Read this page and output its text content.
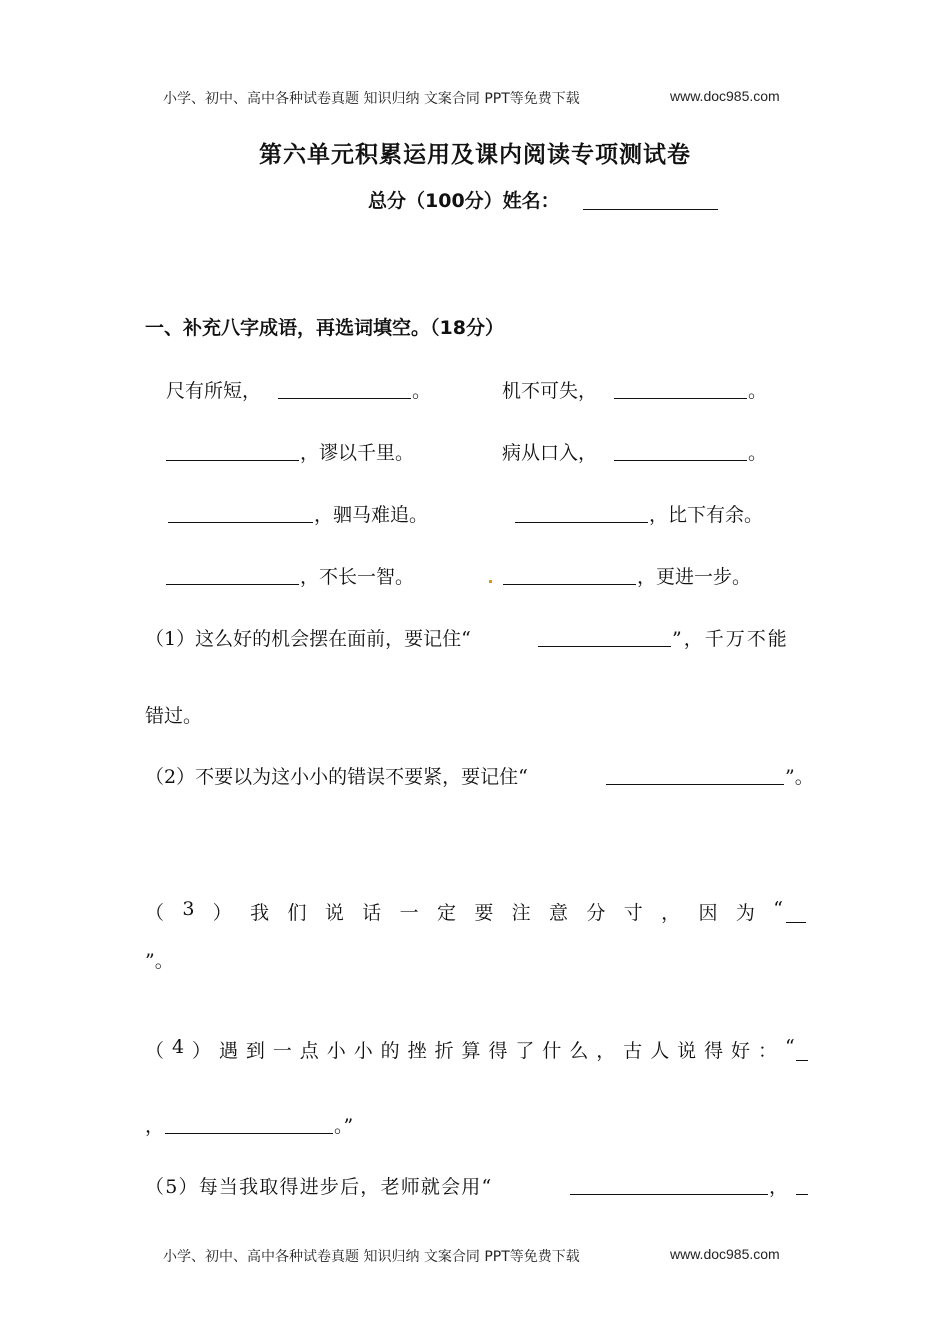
小学、初中、高中各种试卷真题 知识归纳 文案合同 PPT等免费下载	www.doc985.com
第六单元积累运用及课内阅读专项测试卷
总分（100分）姓名：
一、补充八字成语，再选词填空。（18分）
尺有所短，	。	机不可失，	。
，谬以千里。	病从口入，	。
，驷马难追。	，比下有余。
，不长一智。	，更进一步。
（1）这么好的机会摆在面前，要记住“	”，千万不能
错过。
（2）不要以为这小小的错误不要紧，要记住“	”。
（ 3 ） 我 们 说 话 一 定 要 注 意 分 寸 ， 因 为 “
”。
（ 4 ） 遇 到 一 点 小 小 的 挫 折 算 得 了 什 么 ， 古 人 说 得 好 ： “
，	。”
（5）每当我取得进步后，老师就会用“	，
小学、初中、高中各种试卷真题 知识归纳 文案合同 PPT等免费下载	www.doc985.com
